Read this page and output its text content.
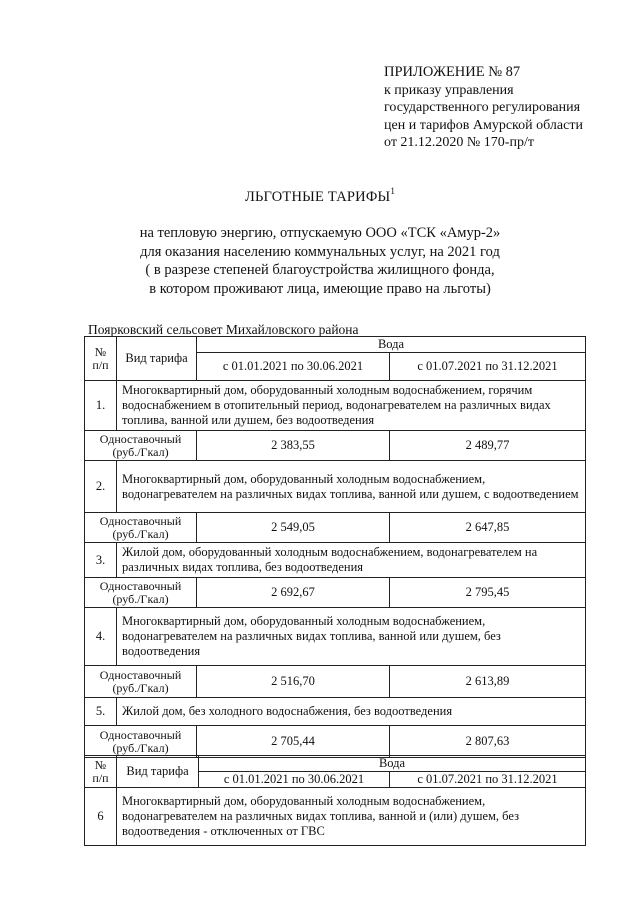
ПРИЛОЖЕНИЕ № 87
к приказу управления
государственного регулирования
цен и тарифов Амурской области
от 21.12.2020 № 170-пр/т
ЛЬГОТНЫЕ ТАРИФЫ$^1$
на тепловую энергию, отпускаемую ООО «ТСК «Амур-2»
для оказания населению коммунальных услуг, на 2021 год
( в разрезе степеней благоустройства жилищного фонда,
в котором проживают лица, имеющие право на льготы)
Поярковский сельсовет Михайловского района
№ п/п	Вид тарифа	Вода	
		с 01.01.2021 по 30.06.2021	с 01.07.2021 по 31.12.2021
1.	Многоквартирный дом, оборудованный холодным водоснабжением, горячим водоснабжением в отопительный период, водонагревателем на различных видах топлива, ванной или душем, без водоотведения		
Одноставочный (руб./Гкал)		2 383,55	2 489,77
2.	Многоквартирный дом, оборудованный холодным водоснабжением, водонагревателем на различных видах топлива, ванной или душем, с водоотведением		
Одноставочный (руб./Гкал)		2 549,05	2 647,85
3.	Жилой дом, оборудованный холодным водоснабжением, водонагревателем на различных видах топлива, без водоотведения		
Одноставочный (руб./Гкал)		2 692,67	2 795,45
4.	Многоквартирный дом, оборудованный холодным водоснабжением, водонагревателем на различных видах топлива, ванной или душем, без водоотведения		
Одноставочный (руб./Гкал)		2 516,70	2 613,89
5.	Жилой дом, без холодного водоснабжения, без водоотведения		
Одноставочный (руб./Гкал)		2 705,44	2 807,63
№ п/п	Вид тарифа	Вода	
		с 01.01.2021 по 30.06.2021	с 01.07.2021 по 31.12.2021
6	Многоквартирный дом, оборудованный холодным водоснабжением, водонагревателем на различных видах топлива, ванной и (или) душем, без водоотведения - отключенных от ГВС		
